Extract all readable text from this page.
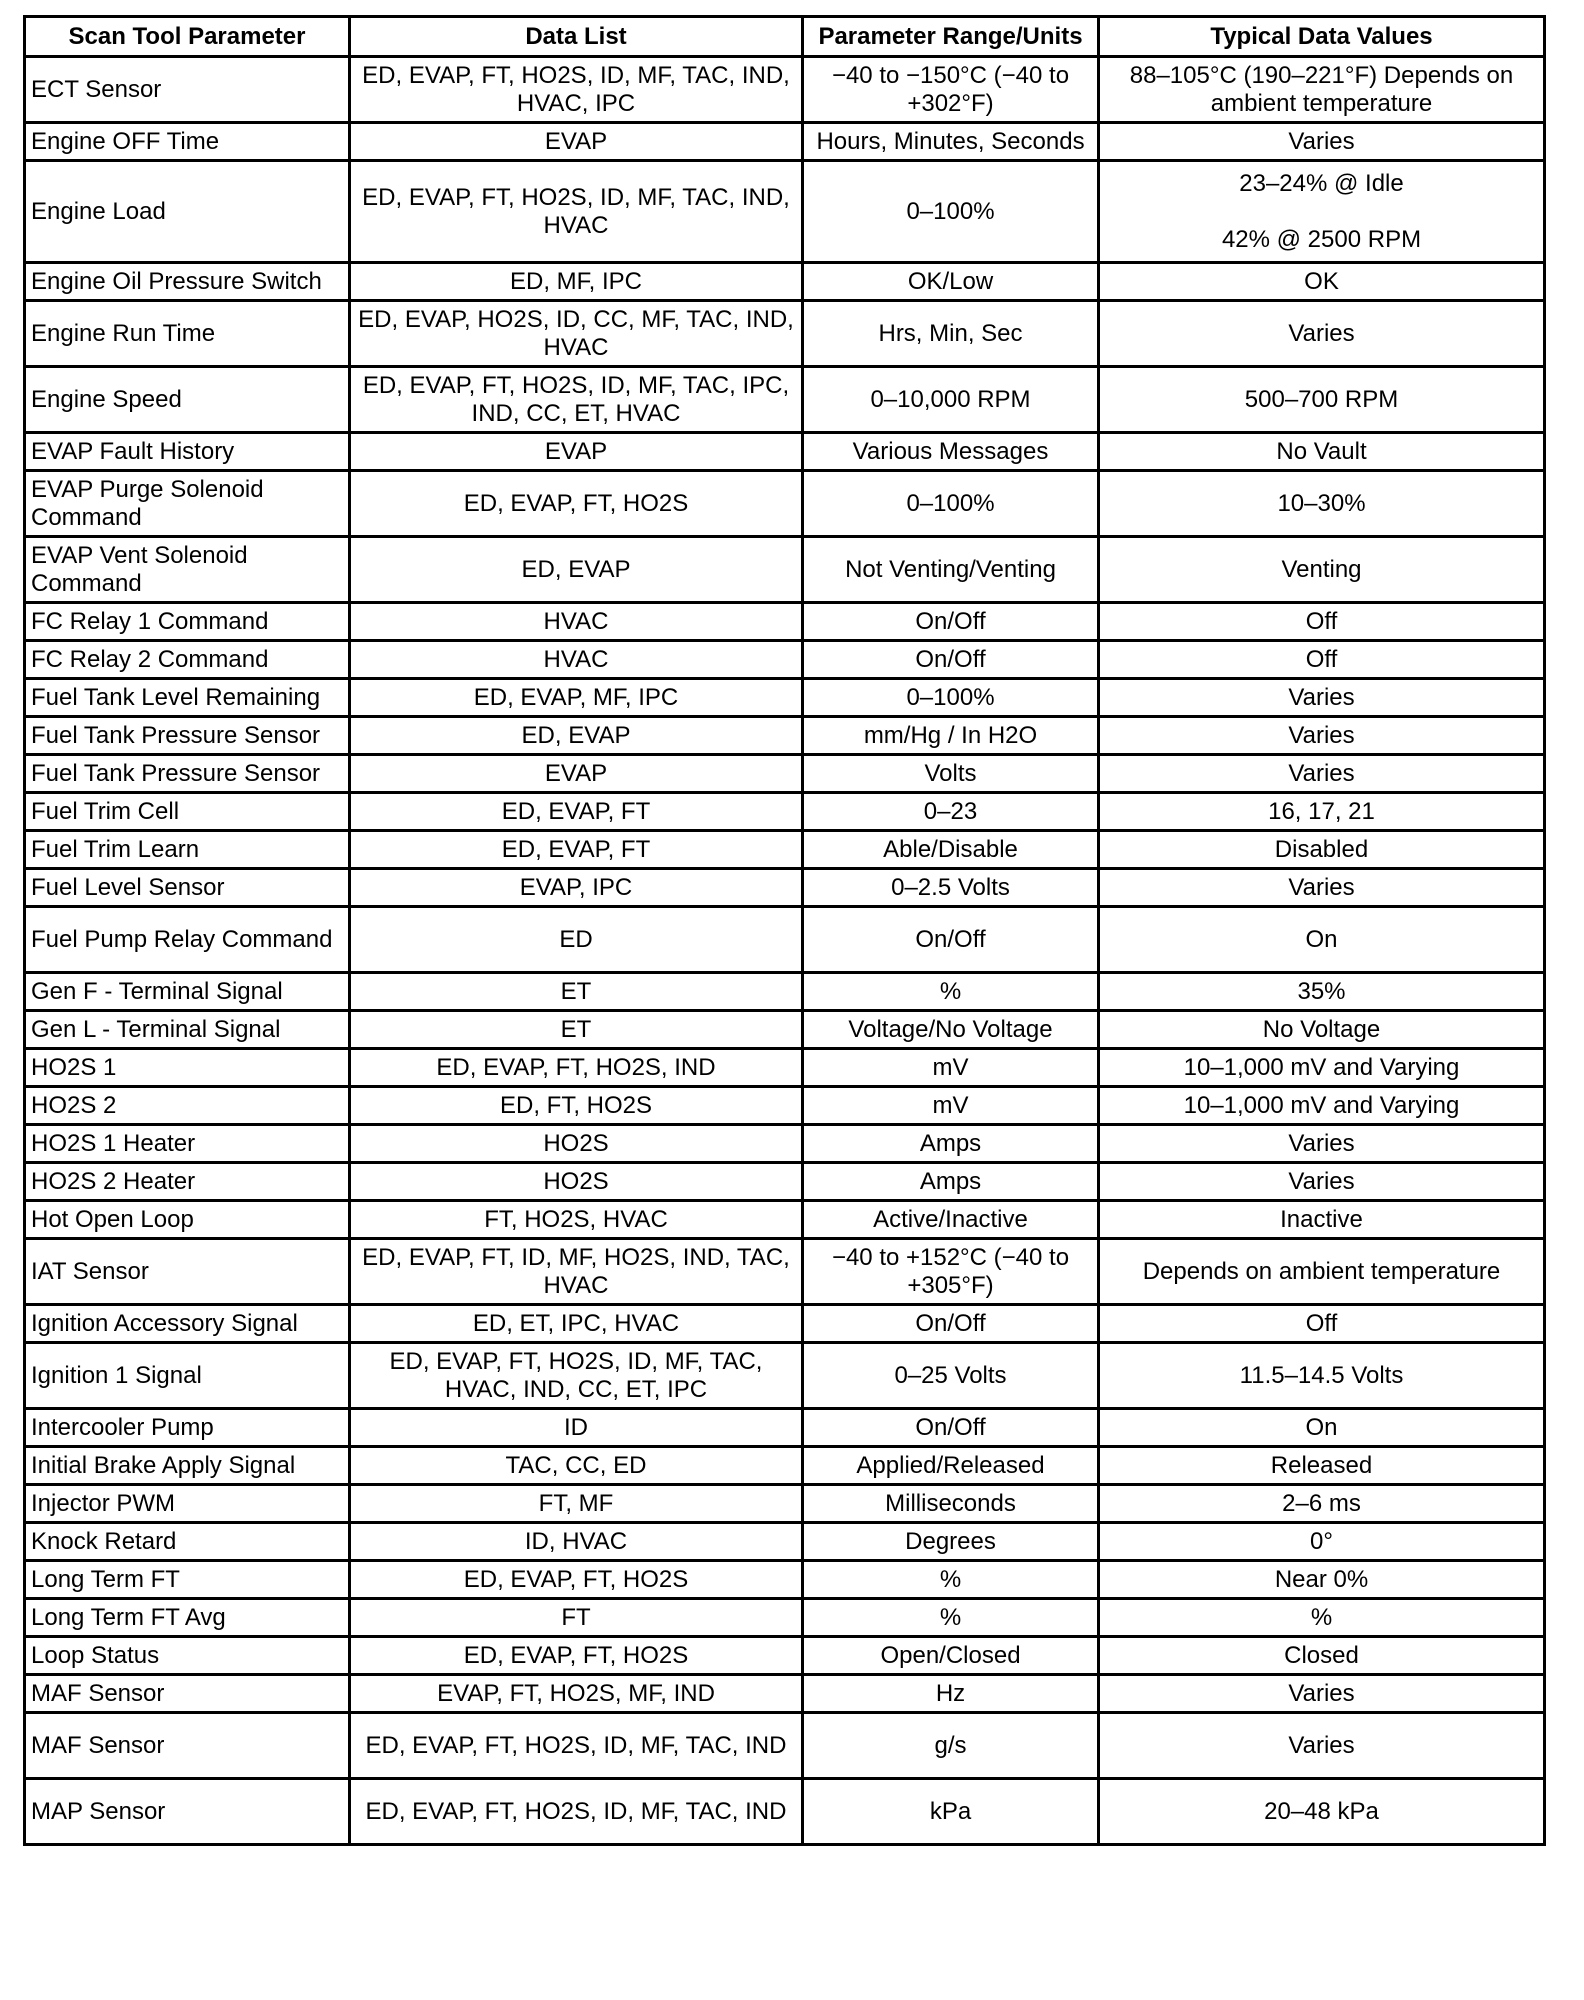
Scan Tool Parameter	Data List	Parameter Range/Units	Typical Data Values
ECT Sensor	ED, EVAP, FT, HO2S, ID, MF, TAC, IND, HVAC, IPC	−40 to −150°C (−40 to +302°F)	88–105°C (190–221°F) Depends on ambient temperature

Engine OFF Time	EVAP	Hours, Minutes, Seconds	Varies

Engine Load	ED, EVAP, FT, HO2S, ID, MF, TAC, IND, HVAC	0–100%	23–24% @ Idle
42% @ 2500 RPM

Engine Oil Pressure Switch	ED, MF, IPC	OK/Low	OK

Engine Run Time	ED, EVAP, HO2S, ID, CC, MF, TAC, IND, HVAC	Hrs, Min, Sec	Varies

Engine Speed	ED, EVAP, FT, HO2S, ID, MF, TAC, IPC, IND, CC, ET, HVAC	0–10,000 RPM	500–700 RPM

EVAP Fault History	EVAP	Various Messages	No Vault

EVAP Purge Solenoid Command	ED, EVAP, FT, HO2S	0–100%	10–30%

EVAP Vent Solenoid Command	ED, EVAP	Not Venting/Venting	Venting

FC Relay 1 Command	HVAC	On/Off	Off

FC Relay 2 Command	HVAC	On/Off	Off

Fuel Tank Level Remaining	ED, EVAP, MF, IPC	0–100%	Varies

Fuel Tank Pressure Sensor	ED, EVAP	mm/Hg / In H2O	Varies

Fuel Tank Pressure Sensor	EVAP	Volts	Varies

Fuel Trim Cell	ED, EVAP, FT	0–23	16, 17, 21

Fuel Trim Learn	ED, EVAP, FT	Able/Disable	Disabled

Fuel Level Sensor	EVAP, IPC	0–2.5 Volts	Varies

Fuel Pump Relay Command	ED	On/Off	On

Gen F - Terminal Signal	ET	%	35%

Gen L - Terminal Signal	ET	Voltage/No Voltage	No Voltage

HO2S 1	ED, EVAP, FT, HO2S, IND	mV	10–1,000 mV and Varying

HO2S 2	ED, FT, HO2S	mV	10–1,000 mV and Varying

HO2S 1 Heater	HO2S	Amps	Varies

HO2S 2 Heater	HO2S	Amps	Varies

Hot Open Loop	FT, HO2S, HVAC	Active/Inactive	Inactive

IAT Sensor	ED, EVAP, FT, ID, MF, HO2S, IND, TAC, HVAC	−40 to +152°C (−40 to +305°F)	Depends on ambient temperature

Ignition Accessory Signal	ED, ET, IPC, HVAC	On/Off	Off

Ignition 1 Signal	ED, EVAP, FT, HO2S, ID, MF, TAC, HVAC, IND, CC, ET, IPC	0–25 Volts	11.5–14.5 Volts

Intercooler Pump	ID	On/Off	On

Initial Brake Apply Signal	TAC, CC, ED	Applied/Released	Released

Injector PWM	FT, MF	Milliseconds	2–6 ms

Knock Retard	ID, HVAC	Degrees	0°

Long Term FT	ED, EVAP, FT, HO2S	%	Near 0%

Long Term FT Avg	FT	%	%

Loop Status	ED, EVAP, FT, HO2S	Open/Closed	Closed

MAF Sensor	EVAP, FT, HO2S, MF, IND	Hz	Varies

MAF Sensor	ED, EVAP, FT, HO2S, ID, MF, TAC, IND	g/s	Varies

MAP Sensor	ED, EVAP, FT, HO2S, ID, MF, TAC, IND	kPa	20–48 kPa
